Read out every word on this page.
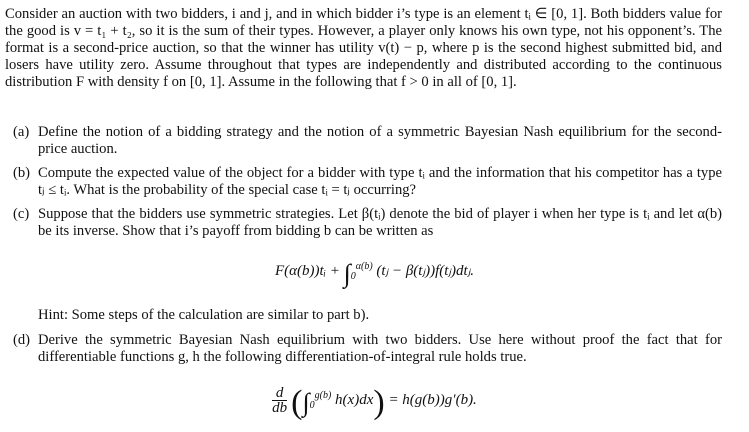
Consider an auction with two bidders, i and j, and in which bidder i’s type is an element tᵢ ∈ [0, 1]. Both bidders value for the good is v = t₁ + t₂, so it is the sum of their types. However, a player only knows his own type, not his opponent’s. The format is a second-price auction, so that the winner has utility v(t) − p, where p is the second highest submitted bid, and losers have utility zero. Assume throughout that types are independently and distributed according to the continuous distribution F with density f on [0, 1]. Assume in the following that f > 0 in all of [0, 1].
(a) Define the notion of a bidding strategy and the notion of a symmetric Bayesian Nash equilibrium for the second-price auction.
(b) Compute the expected value of the object for a bidder with type tᵢ and the information that his competitor has a type tⱼ ≤ tᵢ. What is the probability of the special case tᵢ = tⱼ occurring?
(c) Suppose that the bidders use symmetric strategies. Let β(tᵢ) denote the bid of player i when her type is tᵢ and let α(b) be its inverse. Show that i’s payoff from bidding b can be written as
F(α(b))tᵢ + $\int_0^{\alpha(b)}$ (tⱼ − β(tⱼ))f(tⱼ)dtⱼ.
Hint: Some steps of the calculation are similar to part b).
(d) Derive the symmetric Bayesian Nash equilibrium with two bidders. Use here without proof the fact that for differentiable functions g, h the following differentiation-of-integral rule holds true.
$\frac{d}{db} (\int_0^{g(b)}$ h(x)dx) = h(g(b))g′(b).
